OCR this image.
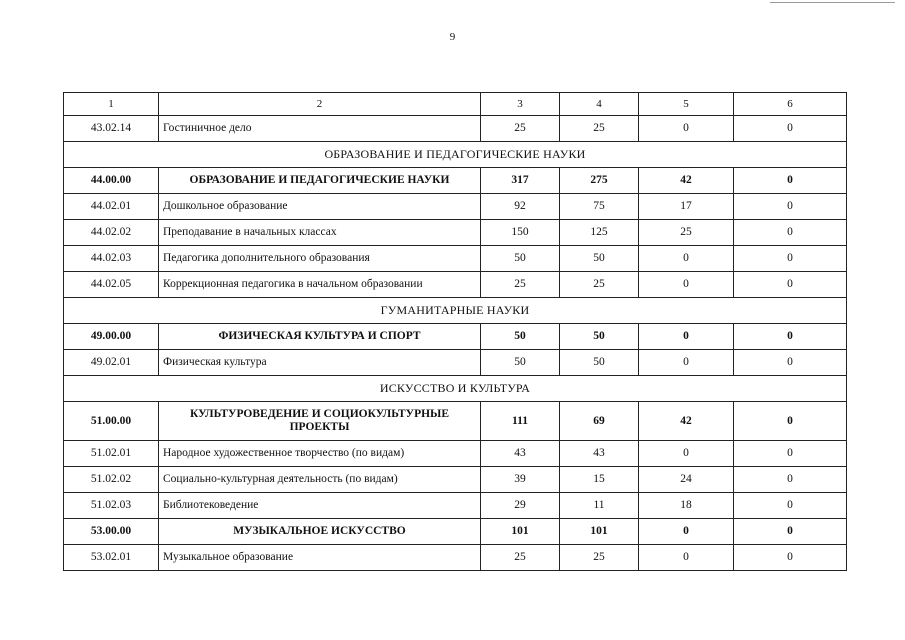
9
1	2	3	4	5	6
43.02.14	Гостиничное дело	25	25	0	0
ОБРАЗОВАНИЕ И ПЕДАГОГИЧЕСКИЕ НАУКИ					
44.00.00	ОБРАЗОВАНИЕ И ПЕДАГОГИЧЕСКИЕ НАУКИ	317	275	42	0
44.02.01	Дошкольное образование	92	75	17	0
44.02.02	Преподавание в начальных классах	150	125	25	0
44.02.03	Педагогика дополнительного образования	50	50	0	0
44.02.05	Коррекционная педагогика в начальном образовании	25	25	0	0
ГУМАНИТАРНЫЕ НАУКИ					
49.00.00	ФИЗИЧЕСКАЯ КУЛЬТУРА И СПОРТ	50	50	0	0
49.02.01	Физическая культура	50	50	0	0
ИСКУССТВО И КУЛЬТУРА					
51.00.00	КУЛЬТУРОВЕДЕНИЕ И СОЦИОКУЛЬТУРНЫЕ ПРОЕКТЫ	111	69	42	0
51.02.01	Народное художественное творчество (по видам)	43	43	0	0
51.02.02	Социально-культурная деятельность (по видам)	39	15	24	0
51.02.03	Библиотековедение	29	11	18	0
53.00.00	МУЗЫКАЛЬНОЕ ИСКУССТВО	101	101	0	0
53.02.01	Музыкальное образование	25	25	0	0
